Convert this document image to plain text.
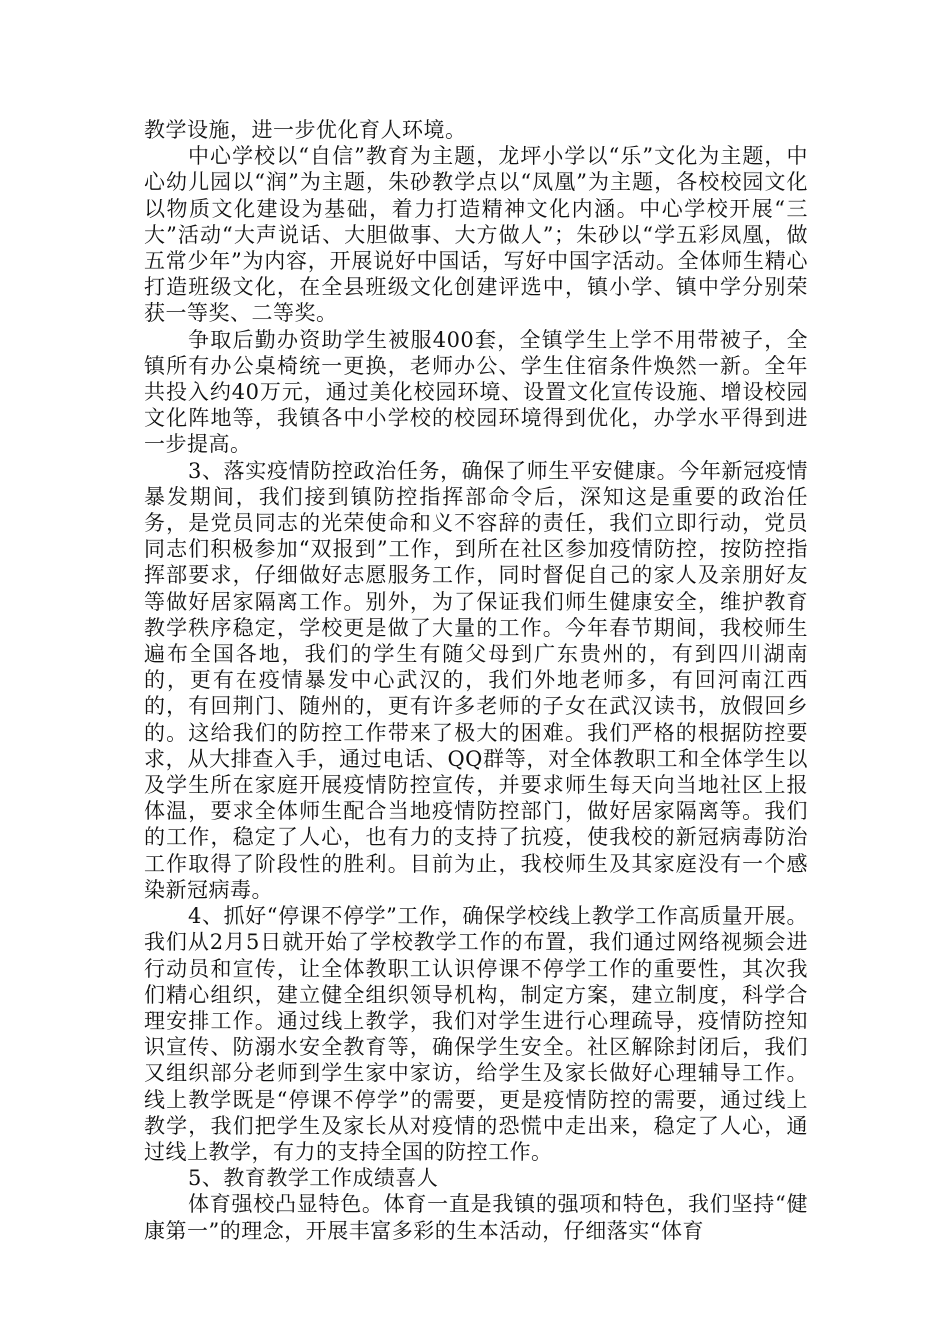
教学设施，进一步优化育人环境。

中心学校以“自信”教育为主题，龙坪小学以“乐”文化为主题，中心幼儿园以“润”为主题，朱砂教学点以“凤凰”为主题，各校校园文化以物质文化建设为基础，着力打造精神文化内涵。中心学校开展“三大”活动“大声说话、大胆做事、大方做人”；朱砂以“学五彩凤凰，做五常少年”为内容，开展说好中国话，写好中国字活动。全体师生精心打造班级文化，在全县班级文化创建评选中，镇小学、镇中学分别荣获一等奖、二等奖。

争取后勤办资助学生被服400套，全镇学生上学不用带被子，全镇所有办公桌椅统一更换，老师办公、学生住宿条件焕然一新。全年共投入约40万元，通过美化校园环境、设置文化宣传设施、增设校园文化阵地等，我镇各中小学校的校园环境得到优化，办学水平得到进一步提高。

3、落实疫情防控政治任务，确保了师生平安健康。今年新冠疫情暴发期间，我们接到镇防控指挥部命令后，深知这是重要的政治任务，是党员同志的光荣使命和义不容辞的责任，我们立即行动，党员同志们积极参加“双报到”工作，到所在社区参加疫情防控，按防控指挥部要求，仔细做好志愿服务工作，同时督促自己的家人及亲朋好友等做好居家隔离工作。别外，为了保证我们师生健康安全，维护教育教学秩序稳定，学校更是做了大量的工作。今年春节期间，我校师生遍布全国各地，我们的学生有随父母到广东贵州的，有到四川湖南的，更有在疫情暴发中心武汉的，我们外地老师多，有回河南江西的，有回荆门、随州的，更有许多老师的子女在武汉读书，放假回乡的。这给我们的防控工作带来了极大的困难。我们严格的根据防控要求，从大排查入手，通过电话、QQ群等，对全体教职工和全体学生以及学生所在家庭开展疫情防控宣传，并要求师生每天向当地社区上报体温，要求全体师生配合当地疫情防控部门，做好居家隔离等。我们的工作，稳定了人心，也有力的支持了抗疫，使我校的新冠病毒防治工作取得了阶段性的胜利。目前为止，我校师生及其家庭没有一个感染新冠病毒。

4、抓好“停课不停学”工作，确保学校线上教学工作高质量开展。我们从2月5日就开始了学校教学工作的布置，我们通过网络视频会进行动员和宣传，让全体教职工认识停课不停学工作的重要性，其次我们精心组织，建立健全组织领导机构，制定方案，建立制度，科学合理安排工作。通过线上教学，我们对学生进行心理疏导，疫情防控知识宣传、防溺水安全教育等，确保学生安全。社区解除封闭后，我们又组织部分老师到学生家中家访，给学生及家长做好心理辅导工作。线上教学既是“停课不停学”的需要，更是疫情防控的需要，通过线上教学，我们把学生及家长从对疫情的恐慌中走出来，稳定了人心，通过线上教学，有力的支持全国的防控工作。

5、教育教学工作成绩喜人

体育强校凸显特色。体育一直是我镇的强项和特色，我们坚持“健康第一”的理念，开展丰富多彩的生本活动，仔细落实“体育
